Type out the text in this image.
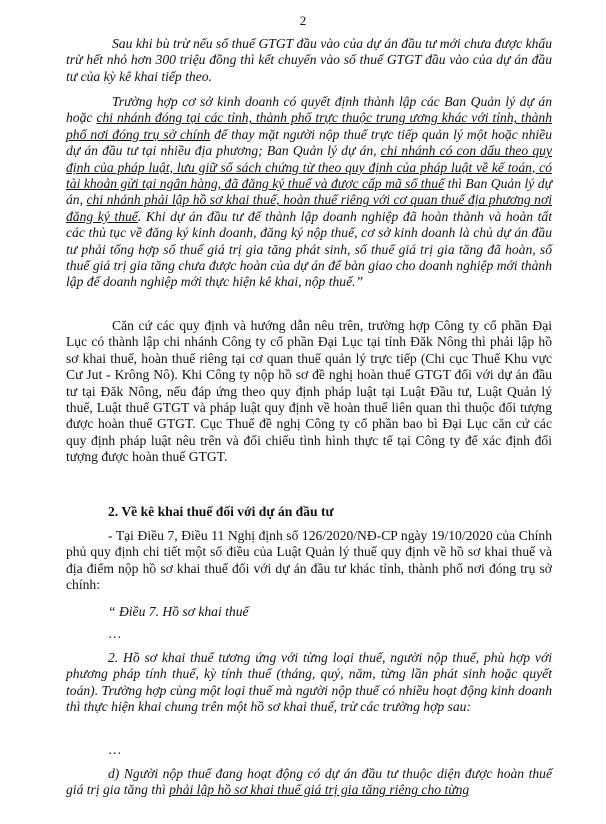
2

Sau khi bù trừ nếu số thuế GTGT đầu vào của dự án đầu tư mới chưa được khấu trừ hết nhỏ hơn 300 triệu đồng thì kết chuyển vào số thuế GTGT đầu vào của dự án đầu tư của kỳ kê khai tiếp theo.

Trường hợp cơ sở kinh doanh có quyết định thành lập các Ban Quản lý dự án hoặc chi nhánh đóng tại các tỉnh, thành phố trực thuộc trung ương khác với tỉnh, thành phố nơi đóng trụ sở chính để thay mặt người nộp thuế trực tiếp quản lý một hoặc nhiều dự án đầu tư tại nhiều địa phương; Ban Quản lý dự án, chi nhánh có con dấu theo quy định của pháp luật, lưu giữ sổ sách chứng từ theo quy định của pháp luật về kế toán, có tài khoản gửi tại ngân hàng, đã đăng ký thuế và được cấp mã số thuế thì Ban Quản lý dự án, chi nhánh phải lập hồ sơ khai thuế, hoàn thuế riêng với cơ quan thuế địa phương nơi đăng ký thuế. Khi dự án đầu tư để thành lập doanh nghiệp đã hoàn thành và hoàn tất các thủ tục về đăng ký kinh doanh, đăng ký nộp thuế, cơ sở kinh doanh là chủ dự án đầu tư phải tổng hợp số thuế giá trị gia tăng phát sinh, số thuế giá trị gia tăng đã hoàn, số thuế giá trị gia tăng chưa được hoàn của dự án để bàn giao cho doanh nghiệp mới thành lập để doanh nghiệp mới thực hiện kê khai, nộp thuế.”

Căn cứ các quy định và hướng dẫn nêu trên, trường hợp Công ty cổ phần Đại Lục có thành lập chi nhánh Công ty cổ phần Đại Lục tại tỉnh Đăk Nông thì phải lập hồ sơ khai thuế, hoàn thuế riêng tại cơ quan thuế quản lý trực tiếp (Chi cục Thuế Khu vực Cư Jut - Krông Nô). Khi Công ty nộp hồ sơ đề nghị hoàn thuế GTGT đối với dự án đầu tư tại Đăk Nông, nếu đáp ứng theo quy định pháp luật tại Luật Đầu tư, Luật Quản lý thuế, Luật thuế GTGT và pháp luật quy định về hoàn thuế liên quan thì thuộc đối tượng được hoàn thuế GTGT. Cục Thuế đề nghị Công ty cổ phần bao bì Đại Lục căn cứ các quy định pháp luật nêu trên và đối chiếu tình hình thực tế tại Công ty để xác định đối tượng được hoàn thuế GTGT.

2. Về kê khai thuế đối với dự án đầu tư

- Tại Điều 7, Điều 11 Nghị định số 126/2020/NĐ-CP ngày 19/10/2020 của Chính phủ quy định chi tiết một số điều của Luật Quản lý thuế quy định về hồ sơ khai thuế và địa điểm nộp hồ sơ khai thuế đối với dự án đầu tư khác tỉnh, thành phố nơi đóng trụ sở chính:

“ Điều 7. Hồ sơ khai thuế

…

2. Hồ sơ khai thuế tương ứng với từng loại thuế, người nộp thuế, phù hợp với phương pháp tính thuế, kỳ tính thuế (tháng, quý, năm, từng lần phát sinh hoặc quyết toán). Trường hợp cùng một loại thuế mà người nộp thuế có nhiều hoạt động kinh doanh thì thực hiện khai chung trên một hồ sơ khai thuế, trừ các trường hợp sau:

…

d) Người nộp thuế đang hoạt động có dự án đầu tư thuộc diện được hoàn thuế giá trị gia tăng thì phải lập hồ sơ khai thuế giá trị gia tăng riêng cho từng
